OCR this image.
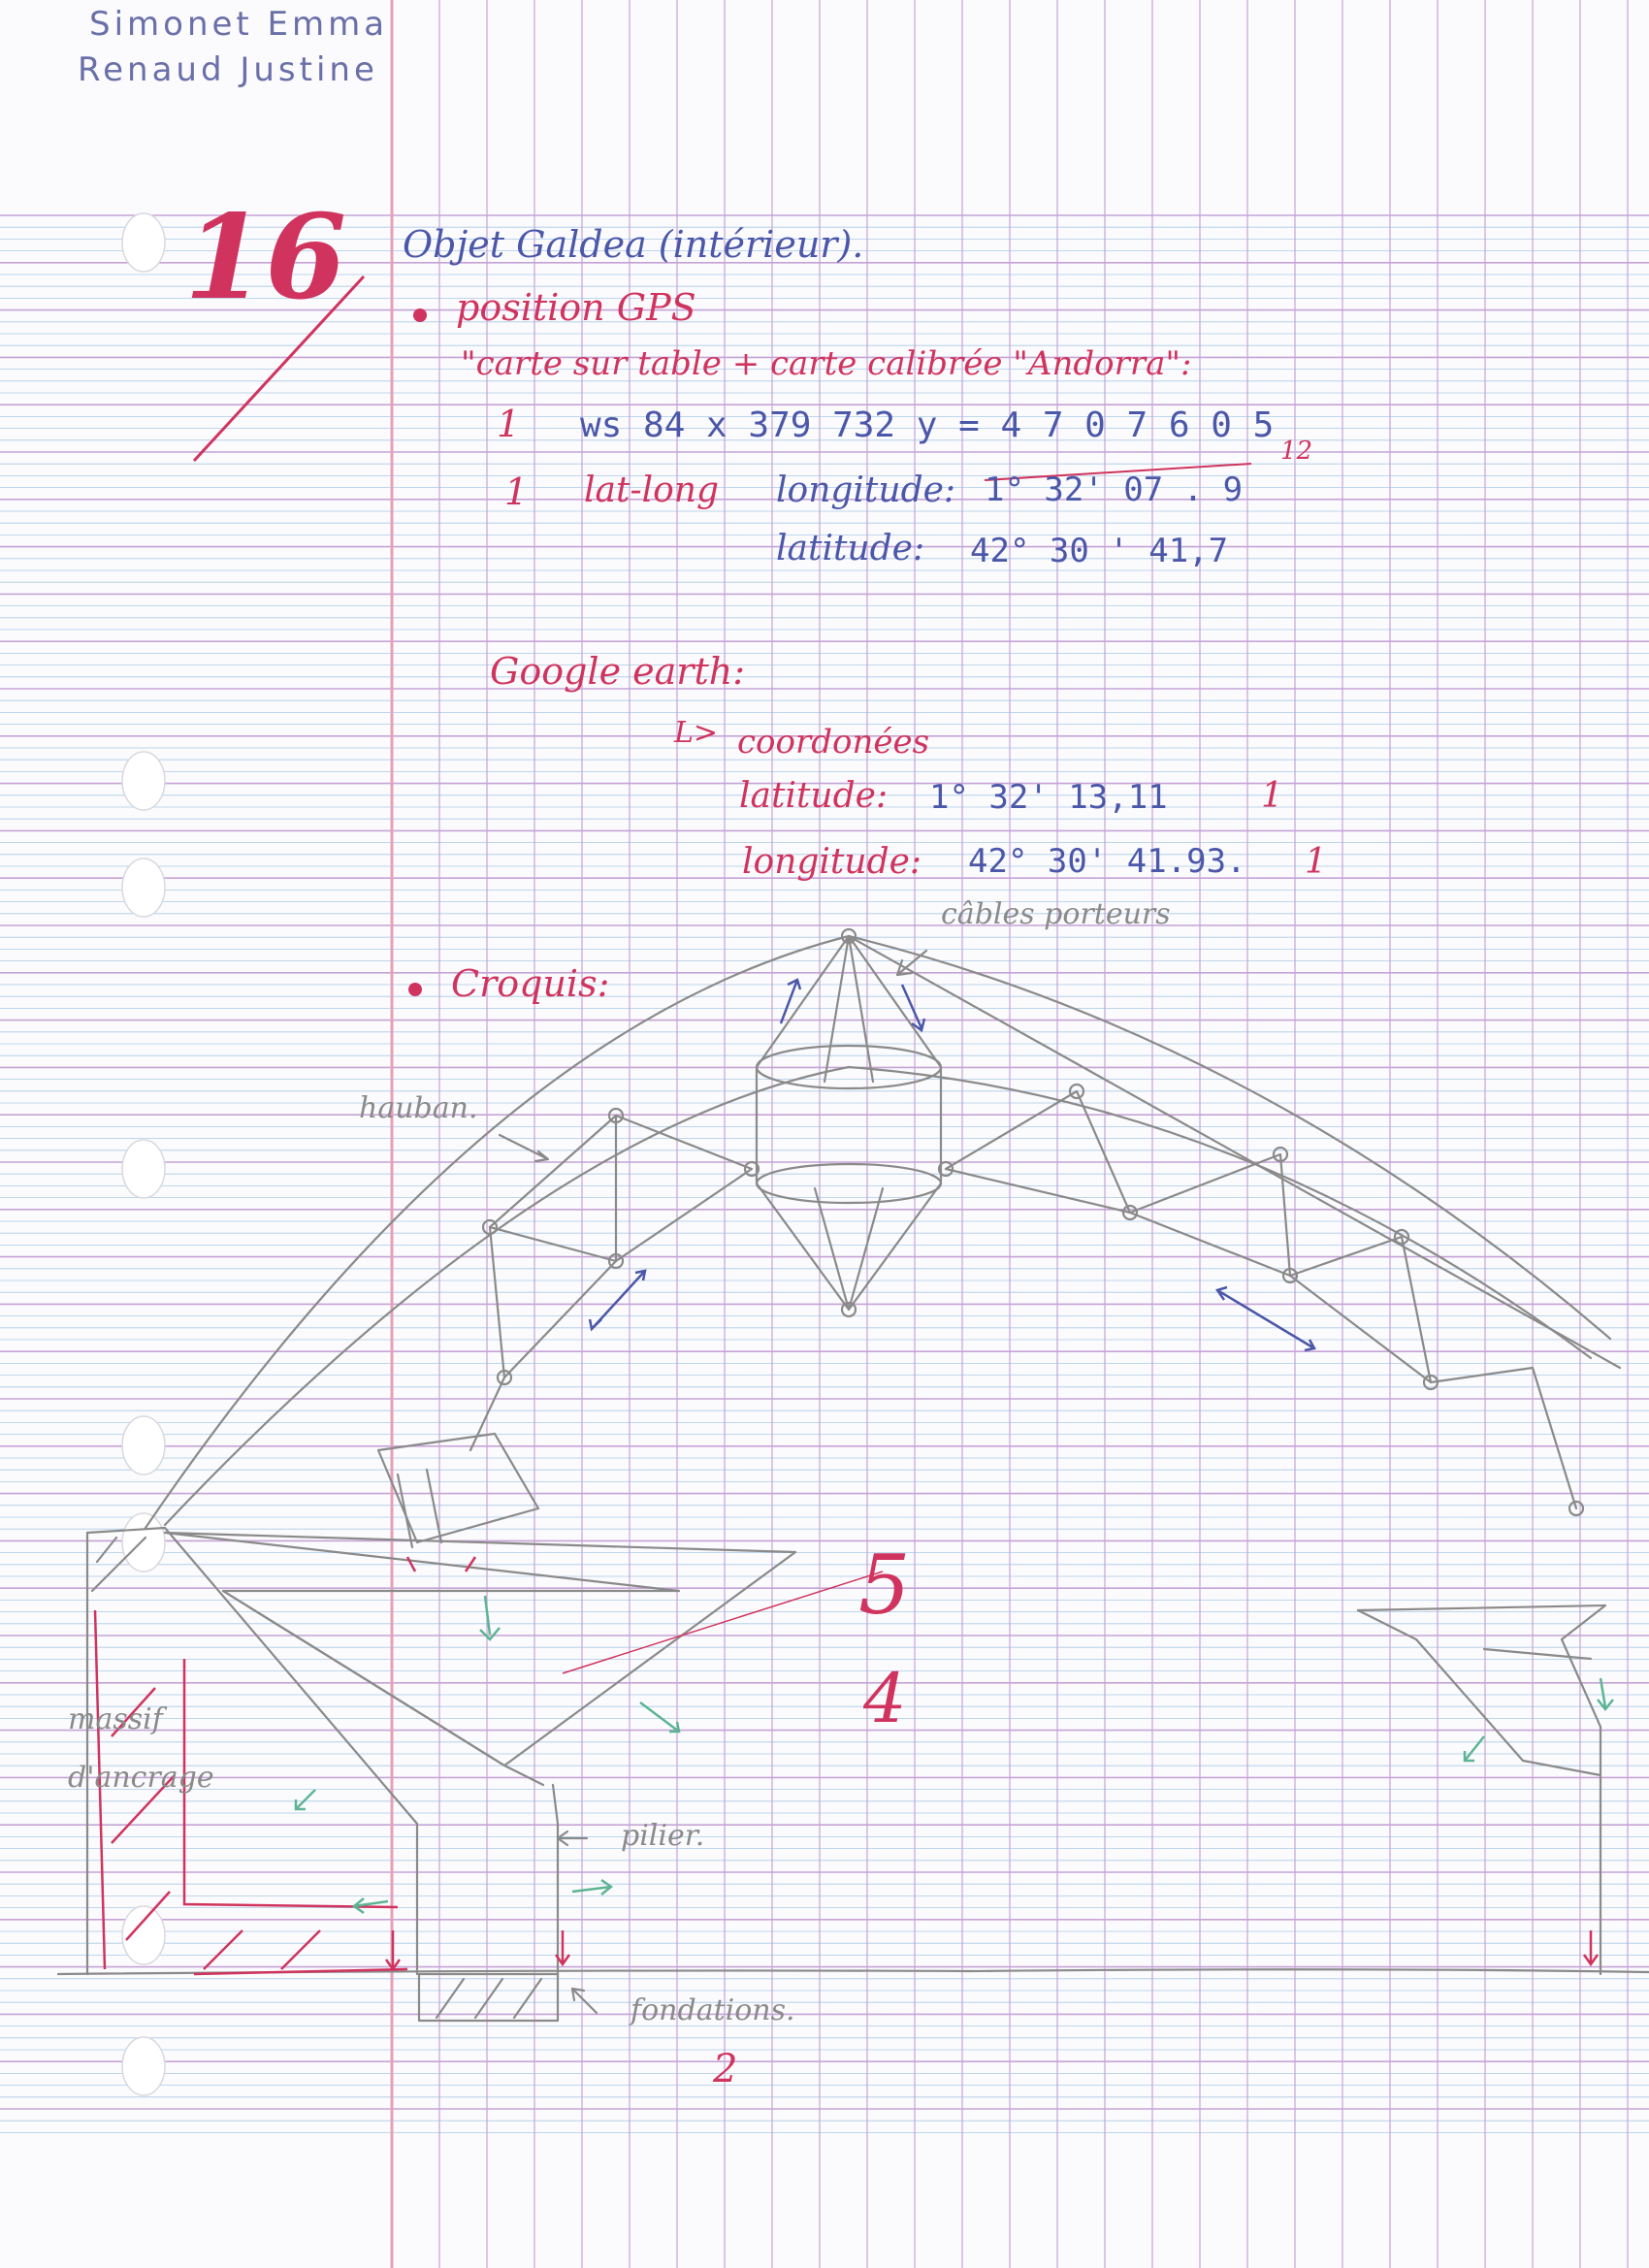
Simonet Emma
Renaud Justine
16 Objet Galdea (intérieur).
position GPS
"carte sur table + carte calibrée "Andorra":
1 ws 84 x 379 732 y = 4 7 0 7 6 0 5
1 lat-long longitude: 1° 32' 07 . 9
12
latitude: 42° 30 ' 41,7
Google earth:
L> coordonées
latitude: 1° 32' 13,11	1
longitude: 42° 30' 41.93. 1
Croquis:
câbles porteurs
hauban.
massif
d'ancrage
pilier.
fondations.
5
4
2
